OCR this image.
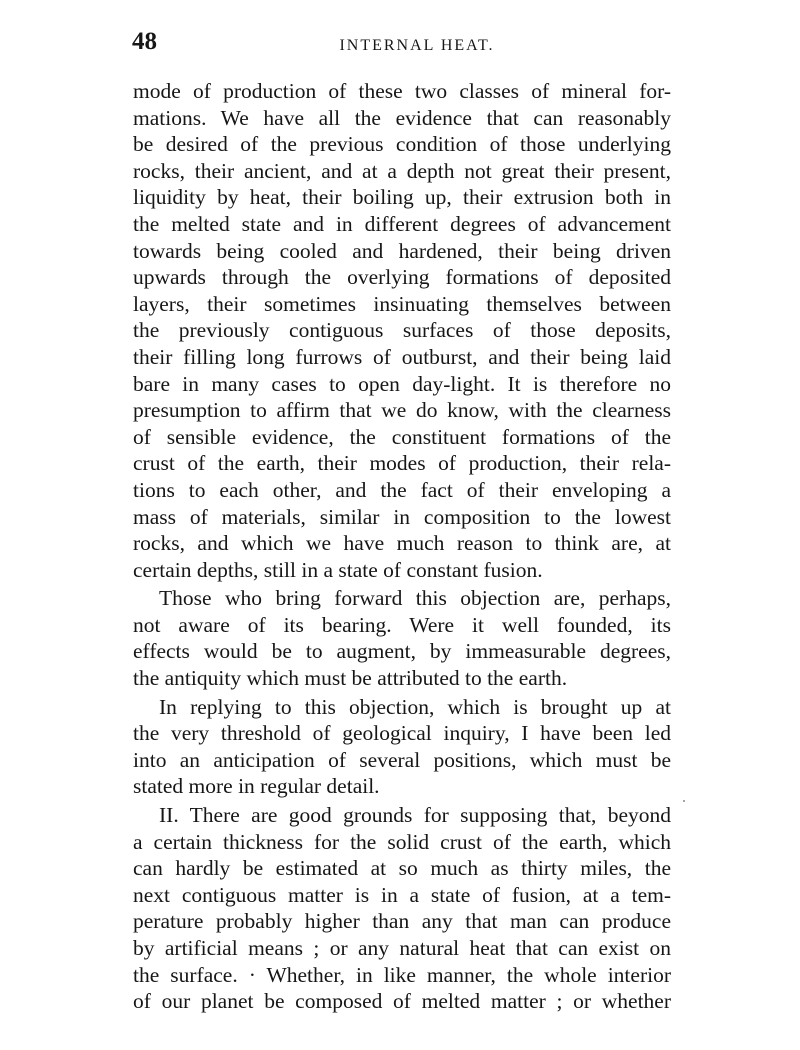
48	INTERNAL HEAT.
mode of production of these two classes of mineral for-
mations. We have all the evidence that can reasonably
be desired of the previous condition of those underlying
rocks, their ancient, and at a depth not great their present,
liquidity by heat, their boiling up, their extrusion both in
the melted state and in different degrees of advancement
towards being cooled and hardened, their being driven
upwards through the overlying formations of deposited
layers, their sometimes insinuating themselves between
the previously contiguous surfaces of those deposits,
their filling long furrows of outburst, and their being laid
bare in many cases to open day-light. It is therefore no
presumption to affirm that we do know, with the clearness
of sensible evidence, the constituent formations of the
crust of the earth, their modes of production, their rela-
tions to each other, and the fact of their enveloping a
mass of materials, similar in composition to the lowest
rocks, and which we have much reason to think are, at
certain depths, still in a state of constant fusion.
Those who bring forward this objection are, perhaps,
not aware of its bearing. Were it well founded, its
effects would be to augment, by immeasurable degrees,
the antiquity which must be attributed to the earth.
In replying to this objection, which is brought up at
the very threshold of geological inquiry, I have been led
into an anticipation of several positions, which must be
stated more in regular detail.
II. There are good grounds for supposing that, beyond
a certain thickness for the solid crust of the earth, which
can hardly be estimated at so much as thirty miles, the
next contiguous matter is in a state of fusion, at a tem-
perature probably higher than any that man can produce
by artificial means ; or any natural heat that can exist on
the surface. · Whether, in like manner, the whole interior
of our planet be composed of melted matter ; or whether
